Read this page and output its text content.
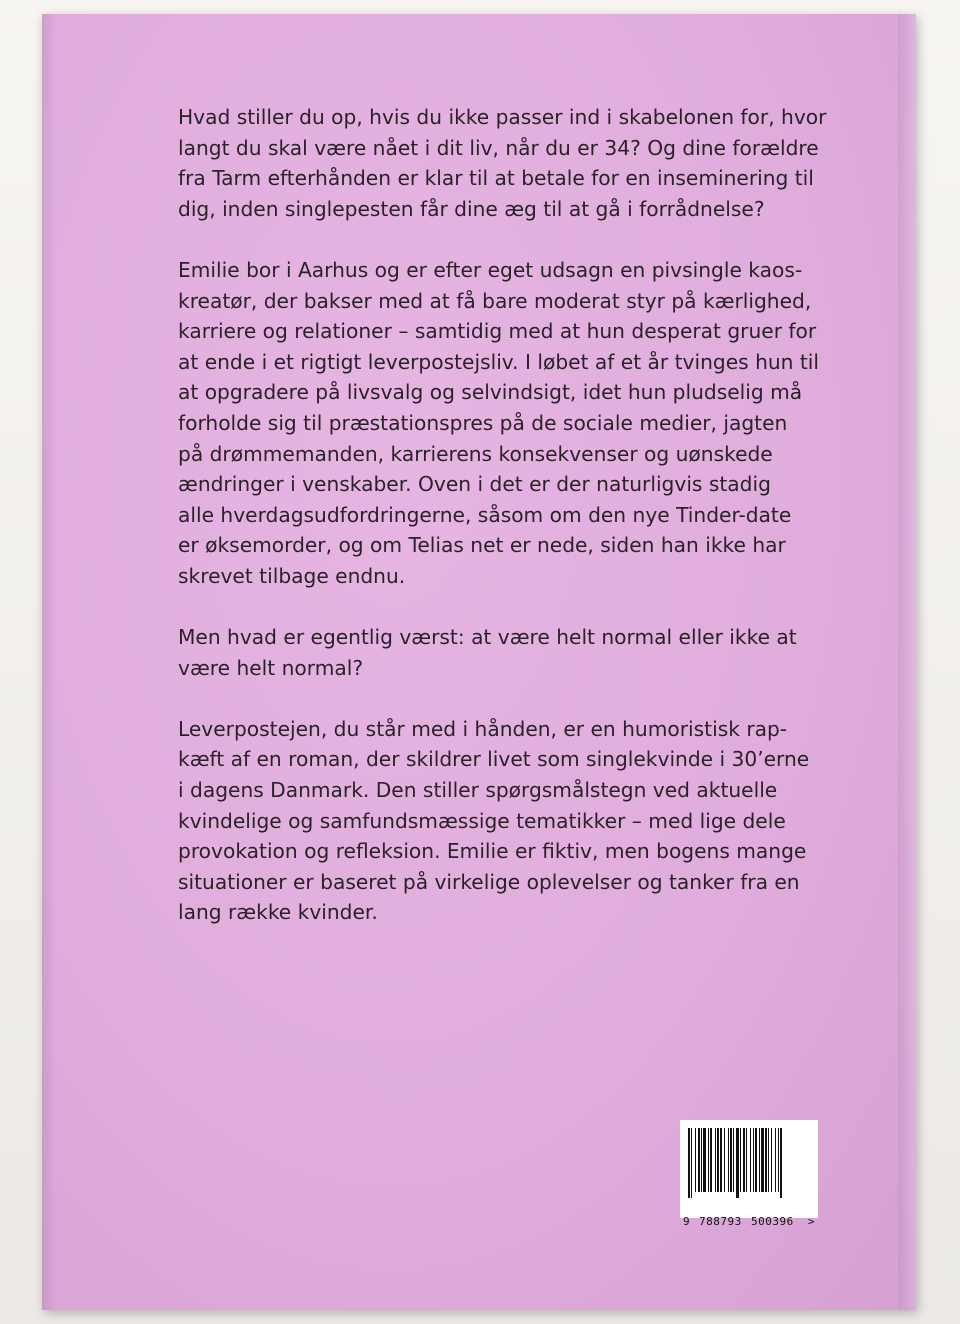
Hvad stiller du op, hvis du ikke passer ind i skabelonen for, hvor
langt du skal være nået i dit liv, når du er 34? Og dine forældre
fra Tarm efterhånden er klar til at betale for en inseminering til
dig, inden singlepesten får dine æg til at gå i forrådnelse?

Emilie bor i Aarhus og er efter eget udsagn en pivsingle kaos-
kreatør, der bakser med at få bare moderat styr på kærlighed,
karriere og relationer – samtidig med at hun desperat gruer for
at ende i et rigtigt leverpostejsliv. I løbet af et år tvinges hun til
at opgradere på livsvalg og selvindsigt, idet hun pludselig må
forholde sig til præstationspres på de sociale medier, jagten
på drømmemanden, karrierens konsekvenser og uønskede
ændringer i venskaber. Oven i det er der naturligvis stadig
alle hverdagsudfordringerne, såsom om den nye Tinder-date
er øksemorder, og om Telias net er nede, siden han ikke har
skrevet tilbage endnu.

Men hvad er egentlig værst: at være helt normal eller ikke at
være helt normal?

Leverpostejen, du står med i hånden, er en humoristisk rap-
kæft af en roman, der skildrer livet som singlekvinde i 30’erne
i dagens Danmark. Den stiller spørgsmålstegn ved aktuelle
kvindelige og samfundsmæssige tematikker – med lige dele
provokation og refleksion. Emilie er fiktiv, men bogens mange
situationer er baseret på virkelige oplevelser og tanker fra en
lang række kvinder.

9 788793 500396 >
